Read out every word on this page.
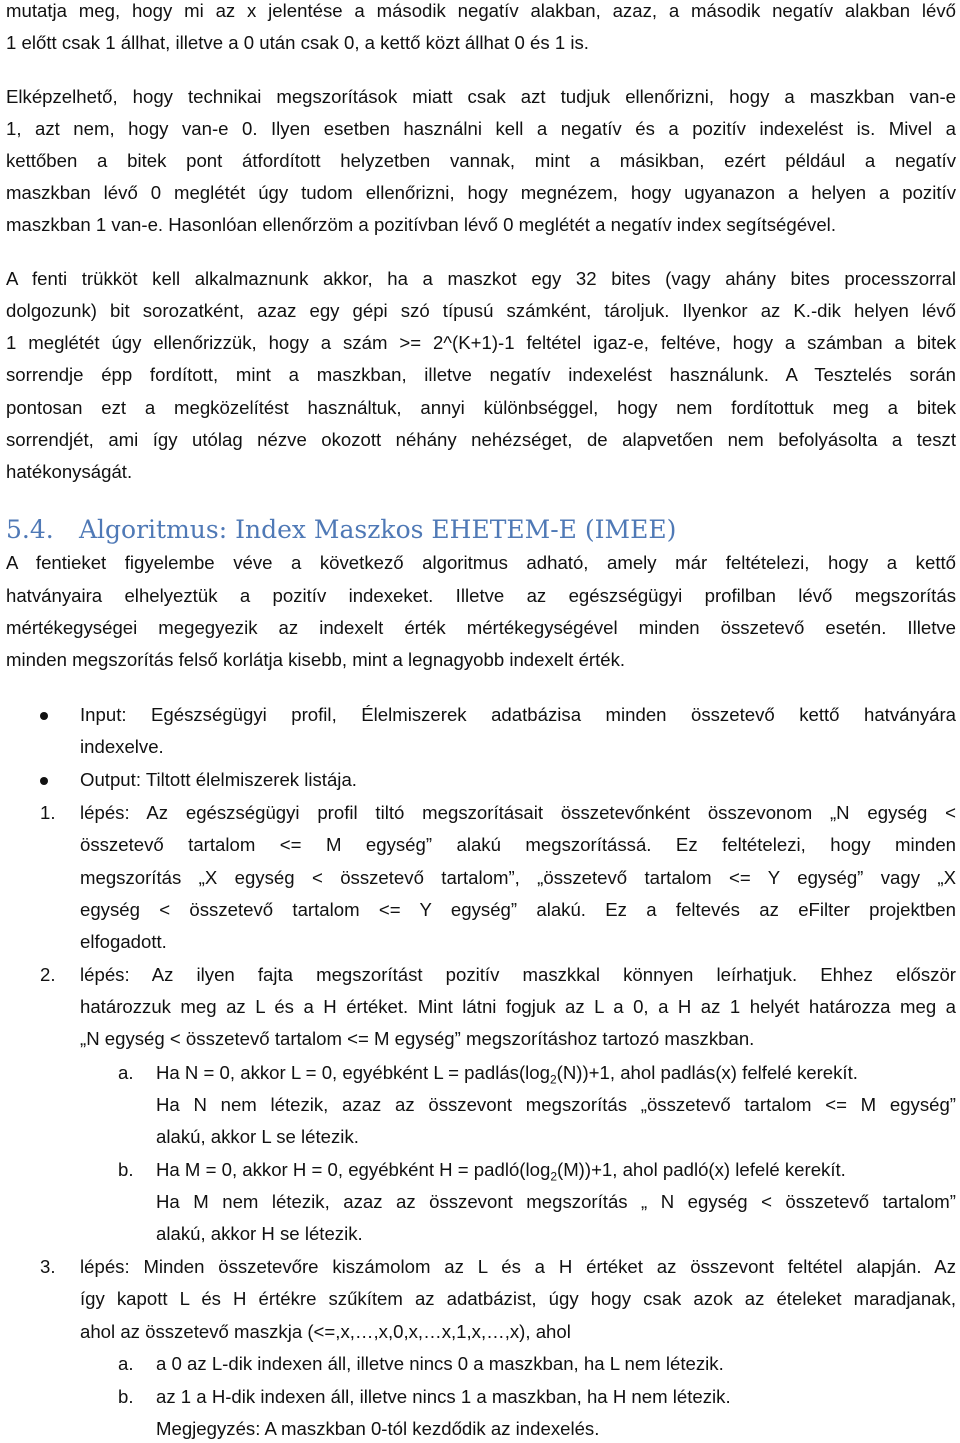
mutatja meg, hogy mi az x jelentése a második negatív alakban, azaz, a második negatív alakban lévő
1 előtt csak 1 állhat, illetve a 0 után csak 0, a kettő közt állhat 0 és 1 is.
Elképzelhető, hogy technikai megszorítások miatt csak azt tudjuk ellenőrizni, hogy a maszkban van-e
1, azt nem, hogy van-e 0. Ilyen esetben használni kell a negatív és a pozitív indexelést is. Mivel a
kettőben a bitek pont átfordított helyzetben vannak, mint a másikban, ezért például a negatív
maszkban lévő 0 meglétét úgy tudom ellenőrizni, hogy megnézem, hogy ugyanazon a helyen a pozitív
maszkban 1 van-e. Hasonlóan ellenőrzöm a pozitívban lévő 0 meglétét a negatív index segítségével.
A fenti trükköt kell alkalmaznunk akkor, ha a maszkot egy 32 bites (vagy ahány bites processzorral
dolgozunk) bit sorozatként, azaz egy gépi szó típusú számként, tároljuk. Ilyenkor az K.-dik helyen lévő
1 meglétét úgy ellenőrizzük, hogy a szám >= 2^(K+1)-1 feltétel igaz-e, feltéve, hogy a számban a bitek
sorrendje épp fordított, mint a maszkban, illetve negatív indexelést használunk. A Tesztelés során
pontosan ezt a megközelítést használtuk, annyi különbséggel, hogy nem fordítottuk meg a bitek
sorrendjét, ami így utólag nézve okozott néhány nehézséget, de alapvetően nem befolyásolta a teszt
hatékonyságát.
5.4. Algoritmus: Index Maszkos EHETEM-E (IMEE)
A fentieket figyelembe véve a következő algoritmus adható, amely már feltételezi, hogy a kettő
hatványaira elhelyeztük a pozitív indexeket. Illetve az egészségügyi profilban lévő megszorítás
mértékegységei megegyezik az indexelt érték mértékegységével minden összetevő esetén. Illetve
minden megszorítás felső korlátja kisebb, mint a legnagyobb indexelt érték.
Input: Egészségügyi profil, Élelmiszerek adatbázisa minden összetevő kettő hatványára
indexelve.
Output: Tiltott élelmiszerek listája.
1. lépés: Az egészségügyi profil tiltó megszorításait összetevőnként összevonom „N egység <
összetevő tartalom <= M egység” alakú megszorítássá. Ez feltételezi, hogy minden
megszorítás „X egység < összetevő tartalom”, „összetevő tartalom <= Y egység” vagy „X
egység < összetevő tartalom <= Y egység” alakú. Ez a feltevés az eFilter projektben
elfogadott.
2. lépés: Az ilyen fajta megszorítást pozitív maszkkal könnyen leírhatjuk. Ehhez először
határozzuk meg az L és a H értéket. Mint látni fogjuk az L a 0, a H az 1 helyét határozza meg a
„N egység < összetevő tartalom <= M egység” megszorításhoz tartozó maszkban.
a. Ha N = 0, akkor L = 0, egyébként $L = padlás(\log_2(N))+1$, ahol padlás(x) felfelé kerekít.
Ha N nem létezik, azaz az összevont megszorítás „összetevő tartalom <= M egység”
alakú, akkor L se létezik.
b. Ha M = 0, akkor H = 0, egyébként $H = padló(\log_2(M))+1$, ahol padló(x) lefelé kerekít.
Ha M nem létezik, azaz az összevont megszorítás „ N egység < összetevő tartalom”
alakú, akkor H se létezik.
3. lépés: Minden összetevőre kiszámolom az L és a H értéket az összevont feltétel alapján. Az
így kapott L és H értékre szűkítem az adatbázist, úgy hogy csak azok az ételeket maradjanak,
ahol az összetevő maszkja (<=,x,…,x,0,x,…x,1,x,…,x), ahol
a. a 0 az L-dik indexen áll, illetve nincs 0 a maszkban, ha L nem létezik.
b. az 1 a H-dik indexen áll, illetve nincs 1 a maszkban, ha H nem létezik.
Megjegyzés: A maszkban 0-tól kezdődik az indexelés.
